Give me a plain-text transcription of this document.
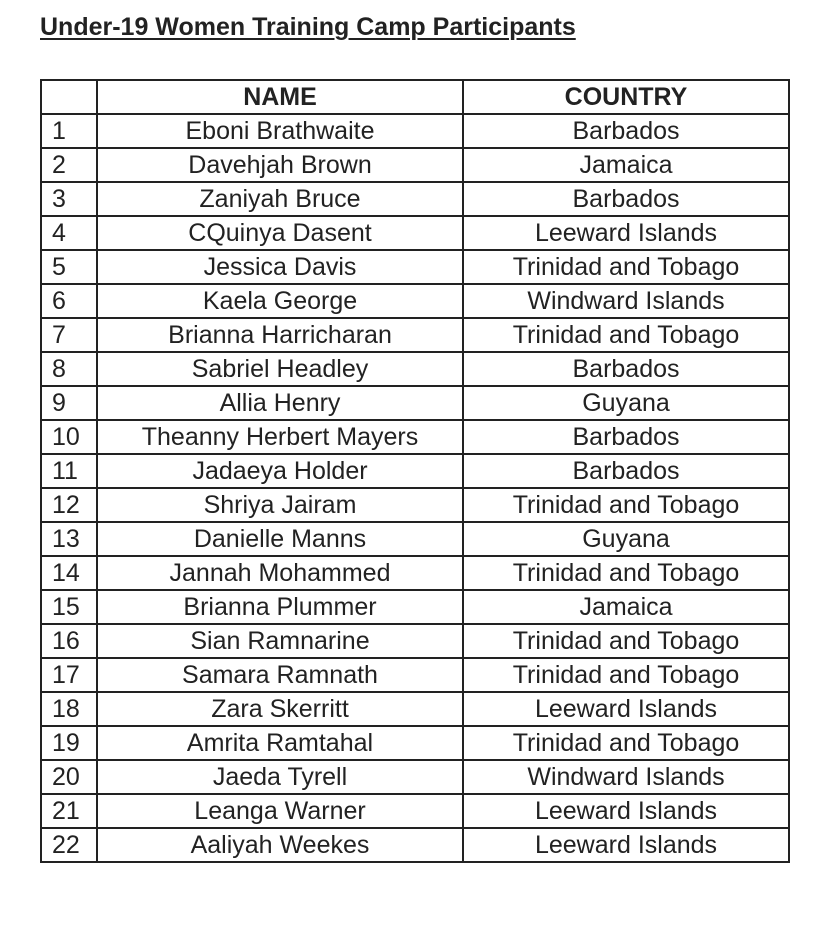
Under-19 Women Training Camp Participants
	NAME	COUNTRY
1	Eboni Brathwaite	Barbados
2	Davehjah Brown	Jamaica
3	Zaniyah Bruce	Barbados
4	CQuinya Dasent	Leeward Islands
5	Jessica Davis	Trinidad and Tobago
6	Kaela George	Windward Islands
7	Brianna Harricharan	Trinidad and Tobago
8	Sabriel Headley	Barbados
9	Allia Henry	Guyana
10	Theanny Herbert Mayers	Barbados
11	Jadaeya Holder	Barbados
12	Shriya Jairam	Trinidad and Tobago
13	Danielle Manns	Guyana
14	Jannah Mohammed	Trinidad and Tobago
15	Brianna Plummer	Jamaica
16	Sian Ramnarine	Trinidad and Tobago
17	Samara Ramnath	Trinidad and Tobago
18	Zara Skerritt	Leeward Islands
19	Amrita Ramtahal	Trinidad and Tobago
20	Jaeda Tyrell	Windward Islands
21	Leanga Warner	Leeward Islands
22	Aaliyah Weekes	Leeward Islands
